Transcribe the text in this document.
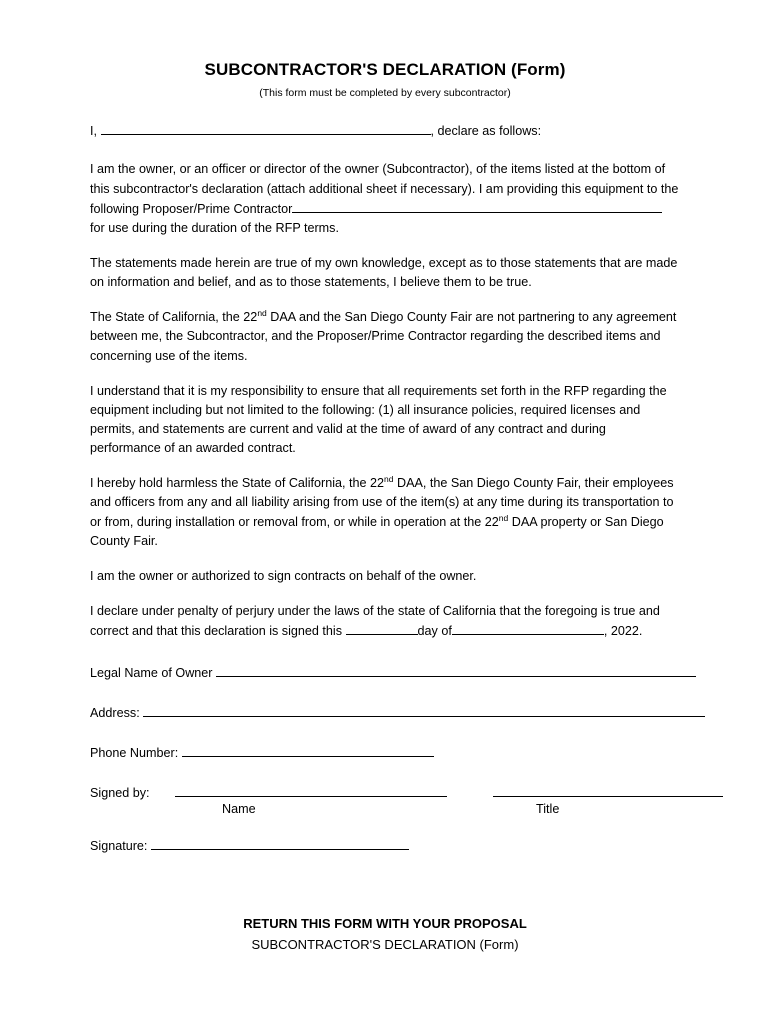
SUBCONTRACTOR'S DECLARATION (Form)
(This form must be completed by every subcontractor)
I,	, declare as follows:

I am the owner, or an officer or director of the owner (Subcontractor), of the items listed at the bottom of this subcontractor's declaration (attach additional sheet if necessary). I am providing this equipment to the following Proposer/Prime Contractor
for use during the duration of the RFP terms.

The statements made herein are true of my own knowledge, except as to those statements that are made on information and belief, and as to those statements, I believe them to be true.

The State of California, the 22nd DAA and the San Diego County Fair are not partnering to any agreement between me, the Subcontractor, and the Proposer/Prime Contractor regarding the described items and concerning use of the items.

I understand that it is my responsibility to ensure that all requirements set forth in the RFP regarding the equipment including but not limited to the following: (1) all insurance policies, required licenses and permits, and statements are current and valid at the time of award of any contract and during performance of an awarded contract.

I hereby hold harmless the State of California, the 22nd DAA, the San Diego County Fair, their employees and officers from any and all liability arising from use of the item(s) at any time during its transportation to or from, during installation or removal from, or while in operation at the 22nd DAA property or San Diego County Fair.

I am the owner or authorized to sign contracts on behalf of the owner.

I declare under penalty of perjury under the laws of the state of California that the foregoing is true and correct and that this declaration is signed this	day of	, 2022.

Legal Name of Owner
Address:
Phone Number:
Signed by:
Name	Title
Signature:
RETURN THIS FORM WITH YOUR PROPOSAL
SUBCONTRACTOR'S DECLARATION (Form)
